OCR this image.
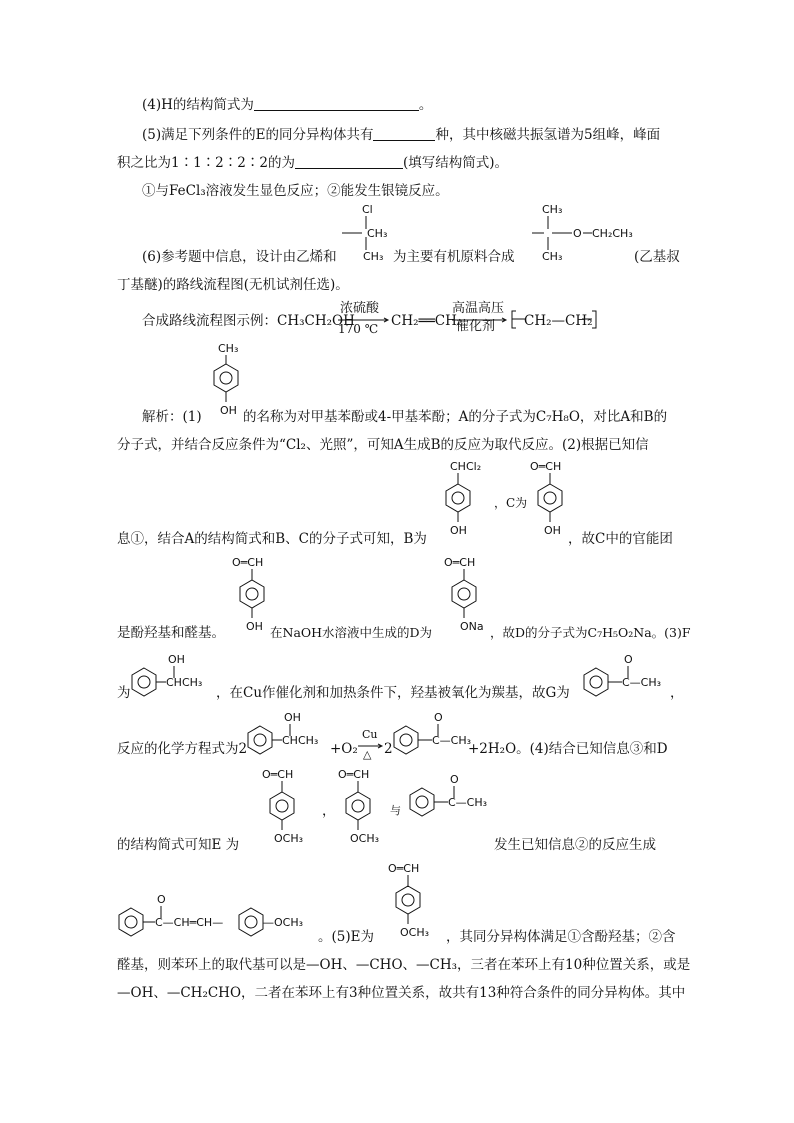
(4)H的结构简式为	。
(5)满足下列条件的E的同分异构体共有	种，其中核磁共振氢谱为5组峰，峰面
积之比为1∶1∶2∶2∶2的为	(填写结构简式)。
①与FeCl₃溶液发生显色反应；②能发生银镜反应。
Cl
CH₃
CH₃
CH₃
O CH₂CH₃
CH₃
(6)参考题中信息，设计由乙烯和	为主要有机原料合成	(乙基叔
丁基醚)的路线流程图(无机试剂任选)。
合成路线流程图示例：CH₃CH₂OH
浓硫酸
170 ℃ CH₂══CH₂
高温高压
催化剂 CH₂—CH₂
CH₃
OH
解析：(1)	的名称为对甲基苯酚或4-甲基苯酚；A的分子式为C₇H₈O，对比A和B的
分子式，并结合反应条件为“Cl₂、光照”，可知A生成B的反应为取代反应。(2)根据已知信
CHCl₂
OH
，C为
O═CH
OH
息①，结合A的结构简式和B、C的分子式可知，B为	，故C中的官能团
O═CH
OH
O═CH
ONa
是酚羟基和醛基。	在NaOH水溶液中生成的D为	，故D的分子式为C₇H₅O₂Na。(3)F
为
OH
CHCH₃
，在Cu作催化剂和加热条件下，羟基被氧化为羰基，故G为
O
C—CH₃
，
反应的化学方程式为2
OH
CHCH₃
+O₂
Cu
△ 2
O
C—CH₃
+2H₂O。(4)结合已知信息③和D
O═CH
OCH₃
，
O═CH
OCH₃
与
O
C—CH₃
的结构简式可知E 为	发生已知信息②的反应生成
O
C—CH═CH—	—OCH₃
。(5)E为
O═CH
OCH₃ ，其同分异构体满足①含酚羟基；②含
醛基，则苯环上的取代基可以是—OH、—CHO、—CH₃，三者在苯环上有10种位置关系，或是
—OH、—CH₂CHO，二者在苯环上有3种位置关系，故共有13种符合条件的同分异构体。其中
